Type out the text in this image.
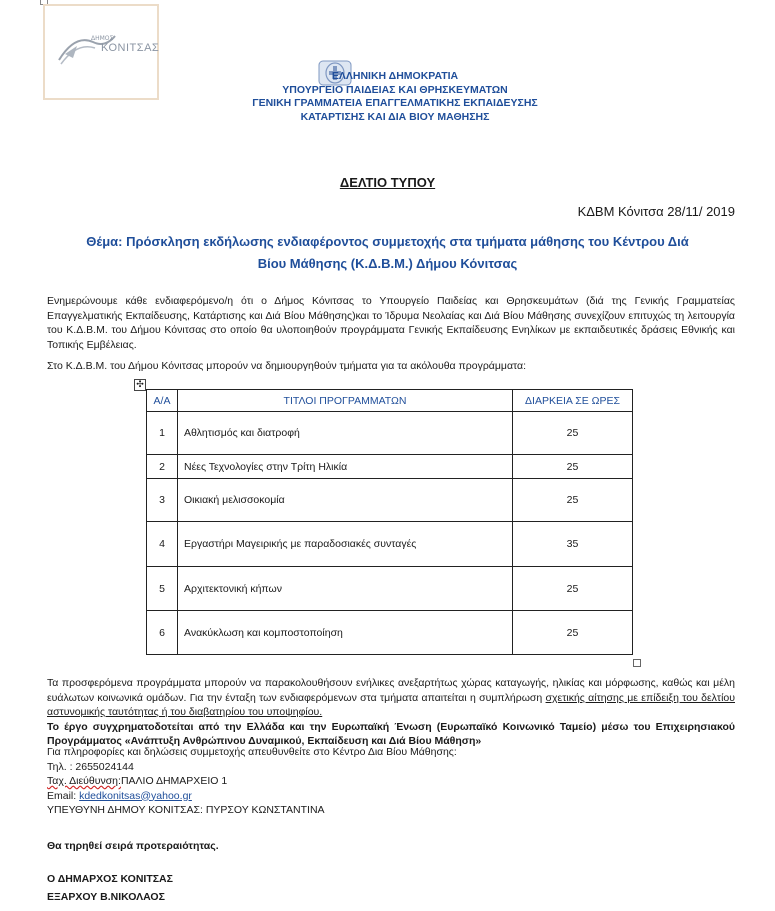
ΔΗΜΟΣ
ΚΟΝΙΤΣΑΣ
ΕΛΛΗΝΙΚΗ ΔΗΜΟΚΡΑΤΙΑ
ΥΠΟΥΡΓΕΙΟ ΠΑΙΔΕΙΑΣ ΚΑΙ ΘΡΗΣΚΕΥΜΑΤΩΝ
ΓΕΝΙΚΗ ΓΡΑΜΜΑΤΕΙΑ ΕΠΑΓΓΕΛΜΑΤΙΚΗΣ ΕΚΠΑΙΔΕΥΣΗΣ
ΚΑΤΑΡΤΙΣΗΣ ΚΑΙ ΔΙΑ ΒΙΟΥ ΜΑΘΗΣΗΣ
ΔΕΛΤΙΟ ΤΥΠΟΥ
ΚΔΒΜ Κόνιτσα 28/11/ 2019
Θέμα: Πρόσκληση εκδήλωσης ενδιαφέροντος συμμετοχής στα τμήματα μάθησης του Κέντρου Διά
Βίου Μάθησης (Κ.Δ.Β.Μ.) Δήμου Κόνιτσας
Ενημερώνουμε κάθε ενδιαφερόμενο/η ότι ο Δήμος Κόνιτσας το Υπουργείο Παιδείας και Θρησκευμάτων (διά της Γενικής Γραμματείας Επαγγελματικής Εκπαίδευσης, Κατάρτισης και Διά Βίου Μάθησης)και το Ίδρυμα Νεολαίας και Διά Βίου Μάθησης συνεχίζουν επιτυχώς τη λειτουργία του Κ.Δ.Β.Μ. του Δήμου Κόνιτσας στο οποίο θα υλοποιηθούν προγράμματα Γενικής Εκπαίδευσης Ενηλίκων με εκπαιδευτικές δράσεις Εθνικής και Τοπικής Εμβέλειας.
Στο Κ.Δ.Β.Μ. του Δήμου Κόνιτσας μπορούν να δημιουργηθούν τμήματα για τα ακόλουθα προγράμματα:
✣
Α/Α	ΤΙΤΛΟΙ ΠΡΟΓΡΑΜΜΑΤΩΝ	ΔΙΑΡΚΕΙΑ ΣΕ ΩΡΕΣ
1	Αθλητισμός και διατροφή	25
2	Νέες Τεχνολογίες στην Τρίτη Ηλικία	25
3	Οικιακή μελισσοκομία	25
4	Εργαστήρι Μαγειρικής με παραδοσιακές συνταγές	35
5	Αρχιτεκτονική κήπων	25
6	Ανακύκλωση και κομποστοποίηση	25
Τα προσφερόμενα προγράμματα μπορούν να παρακολουθήσουν ενήλικες ανεξαρτήτως χώρας καταγωγής, ηλικίας και μόρφωσης, καθώς και μέλη ευάλωτων κοινωνικά ομάδων. Για την ένταξη των ενδιαφερόμενων στα τμήματα απαιτείται η συμπλήρωση σχετικής αίτησης με επίδειξη του δελτίου αστυνομικής ταυτότητας ή του διαβατηρίου του υποψηφίου.
Το έργο συγχρηματοδοτείται από την Ελλάδα και την Ευρωπαϊκή Ένωση (Ευρωπαϊκό Κοινωνικό Ταμείο) μέσω του Επιχειρησιακού Προγράμματος «Ανάπτυξη Ανθρώπινου Δυναμικού, Εκπαίδευση και Διά Βίου Μάθηση»
Για πληροφορίες και δηλώσεις συμμετοχής απευθυνθείτε στο Κέντρο Δια Βίου Μάθησης:
Τηλ. : 2655024144
Ταχ. Διεύθυνση:ΠΑΛΙΟ ΔΗΜΑΡΧΕΙΟ 1
Email: kdedkonitsas@yahoo.gr
ΥΠΕΥΘΥΝΗ ΔΗΜΟΥ ΚΟΝΙΤΣΑΣ: ΠΥΡΣΟΥ ΚΩΝΣΤΑΝΤΙΝΑ
Θα τηρηθεί σειρά προτεραιότητας.
Ο ΔΗΜΑΡΧΟΣ ΚΟΝΙΤΣΑΣ
ΕΞΑΡΧΟΥ Β.ΝΙΚΟΛΑΟΣ
